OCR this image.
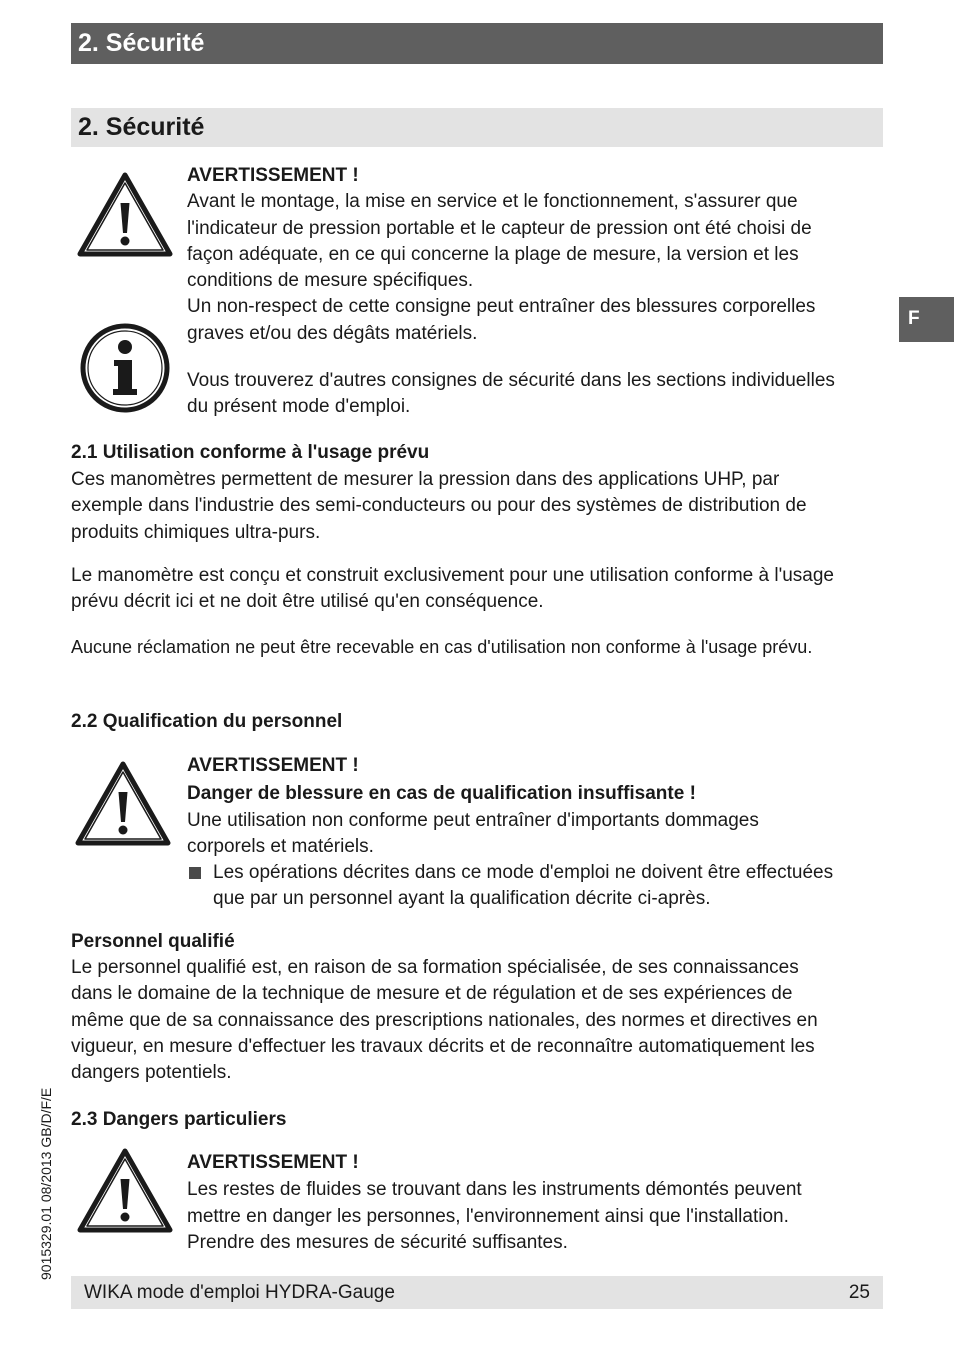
2. Sécurité
2. Sécurité
F
AVERTISSEMENT !
Avant le montage, la mise en service et le fonctionnement, s'assurer que
l'indicateur de pression portable et le capteur de pression ont été choisi de
façon adéquate, en ce qui concerne la plage de mesure, la version et les
conditions de mesure spécifiques.
Un non-respect de cette consigne peut entraîner des blessures corporelles
graves et/ou des dégâts matériels.
Vous trouverez d'autres consignes de sécurité dans les sections individuelles
du présent mode d'emploi.
2.1 Utilisation conforme à l'usage prévu
Ces manomètres permettent de mesurer la pression dans des applications UHP, par
exemple dans l'industrie des semi-conducteurs ou pour des systèmes de distribution de
produits chimiques ultra-purs.
Le manomètre est conçu et construit exclusivement pour une utilisation conforme à l'usage
prévu décrit ici et ne doit être utilisé qu'en conséquence.
Aucune réclamation ne peut être recevable en cas d'utilisation non conforme à l'usage prévu.
2.2 Qualification du personnel
AVERTISSEMENT !
Danger de blessure en cas de qualification insuffisante !
Une utilisation non conforme peut entraîner d'importants dommages
corporels et matériels.
Les opérations décrites dans ce mode d'emploi ne doivent être effectuées
que par un personnel ayant la qualification décrite ci-après.
Personnel qualifié
Le personnel qualifié est, en raison de sa formation spécialisée, de ses connaissances
dans le domaine de la technique de mesure et de régulation et de ses expériences de
même que de sa connaissance des prescriptions nationales, des normes et directives en
vigueur, en mesure d'effectuer les travaux décrits et de reconnaître automatiquement les
dangers potentiels.
2.3 Dangers particuliers
AVERTISSEMENT !
Les restes de fluides se trouvant dans les instruments démontés peuvent
mettre en danger les personnes, l'environnement ainsi que l'installation.
Prendre des mesures de sécurité suffisantes.
9015329.01 08/2013 GB/D/F/E
WIKA mode d'emploi HYDRA-Gauge	25
